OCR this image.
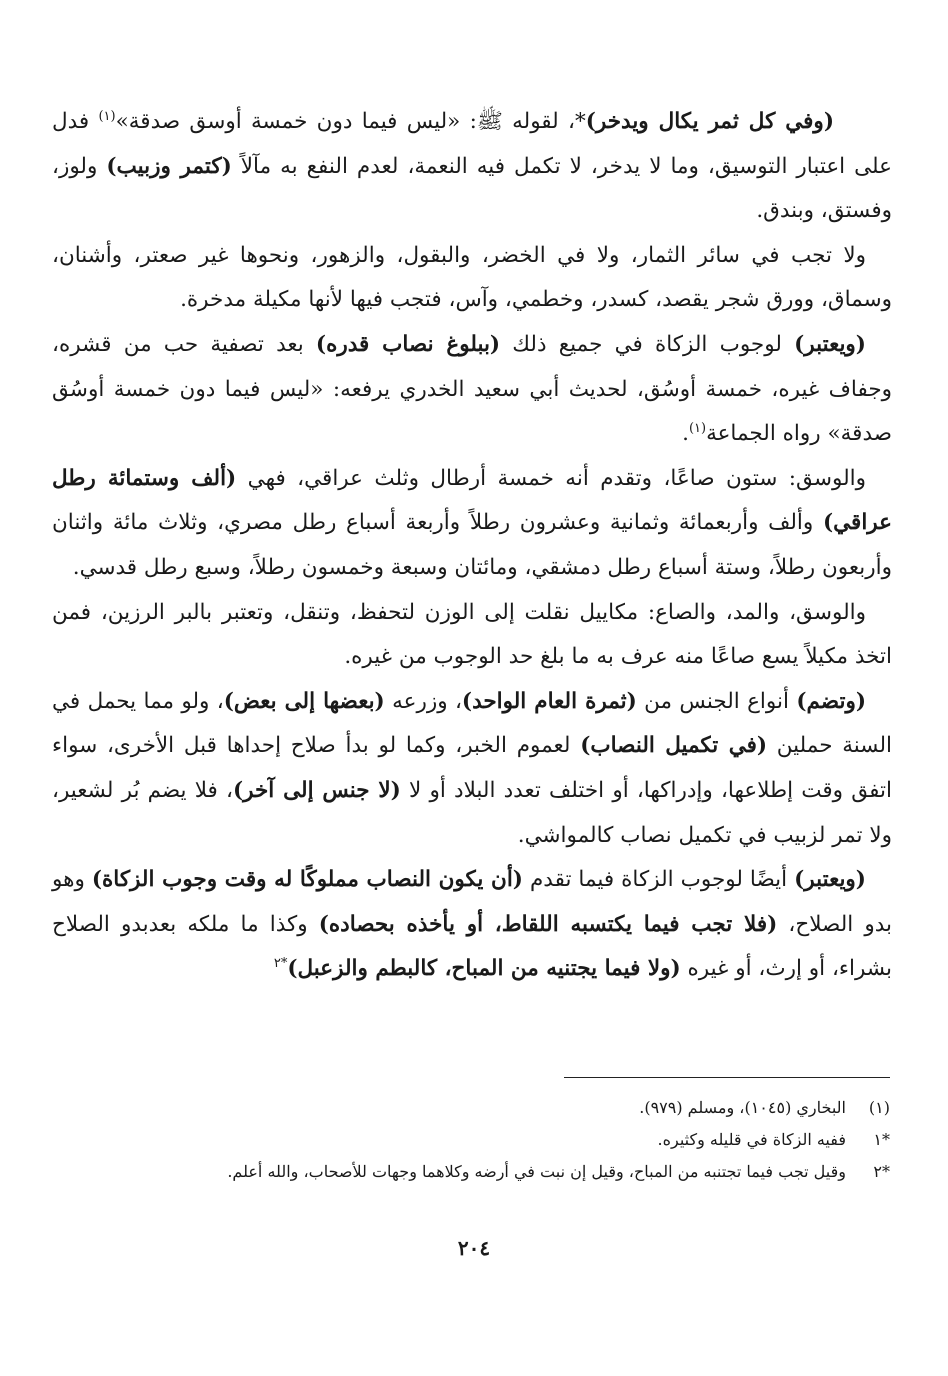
(وفي كل ثمر يكال ويدخر)*، لقوله ﷺ: «ليس فيما دون خمسة أوسق صدقة»$^{(١)}$ فدل على اعتبار التوسيق، وما لا يدخر، لا تكمل فيه النعمة، لعدم النفع به مآلاً (كتمر وزبيب) ولوز، وفستق، وبندق.

ولا تجب في سائر الثمار، ولا في الخضر، والبقول، والزهور، ونحوها غير صعتر، وأشنان، وسماق، وورق شجر يقصد، كسدر، وخطمي، وآس، فتجب فيها لأنها مكيلة مدخرة.

(ويعتبر) لوجوب الزكاة في جميع ذلك (ببلوغ نصاب قدره) بعد تصفية حب من قشره، وجفاف غيره، خمسة أوسُق، لحديث أبي سعيد الخدري يرفعه: «ليس فيما دون خمسة أوسُق صدقة» رواه الجماعة$^{(١)}$.

والوسق: ستون صاعًا، وتقدم أنه خمسة أرطال وثلث عراقي، فهي (ألف وستمائة رطل عراقي) وألف وأربعمائة وثمانية وعشرون رطلاً وأربعة أسباع رطل مصري، وثلاث مائة واثنان وأربعون رطلاً، وستة أسباع رطل دمشقي، ومائتان وسبعة وخمسون رطلاً، وسبع رطل قدسي.

والوسق، والمد، والصاع: مكاييل نقلت إلى الوزن لتحفظ، وتنقل، وتعتبر بالبر الرزين، فمن اتخذ مكيلاً يسع صاعًا منه عرف به ما بلغ حد الوجوب من غيره.

(وتضم) أنواع الجنس من (ثمرة العام الواحد)، وزرعه (بعضها إلى بعض)، ولو مما يحمل في السنة حملين (في تكميل النصاب) لعموم الخبر، وكما لو بدأ صلاح إحداها قبل الأخرى، سواء اتفق وقت إطلاعها، وإدراكها، أو اختلف تعدد البلاد أو لا (لا جنس إلى آخر)، فلا يضم بُر لشعير، ولا تمر لزبيب في تكميل نصاب كالمواشي.

(ويعتبر) أيضًا لوجوب الزكاة فيما تقدم (أن يكون النصاب مملوكًا له وقت وجوب الزكاة) وهو بدو الصلاح، (فلا تجب فيما يكتسبه اللقاط، أو يأخذه بحصاده) وكذا ما ملكه بعدبدو الصلاح بشراء، أو إرث، أو غيره (ولا فيما يجتنيه من المباح، كالبطم والزعبل)$^{*٢}$

(١)البخاري (١٠٤٥)، ومسلم (٩٧٩).
*١ففيه الزكاة في قليله وكثيره.
*٢وقيل تجب فيما تجتنبه من المباح، وقيل إن نبت في أرضه وكلاهما وجهات للأصحاب، والله أعلم.
٢٠٤
